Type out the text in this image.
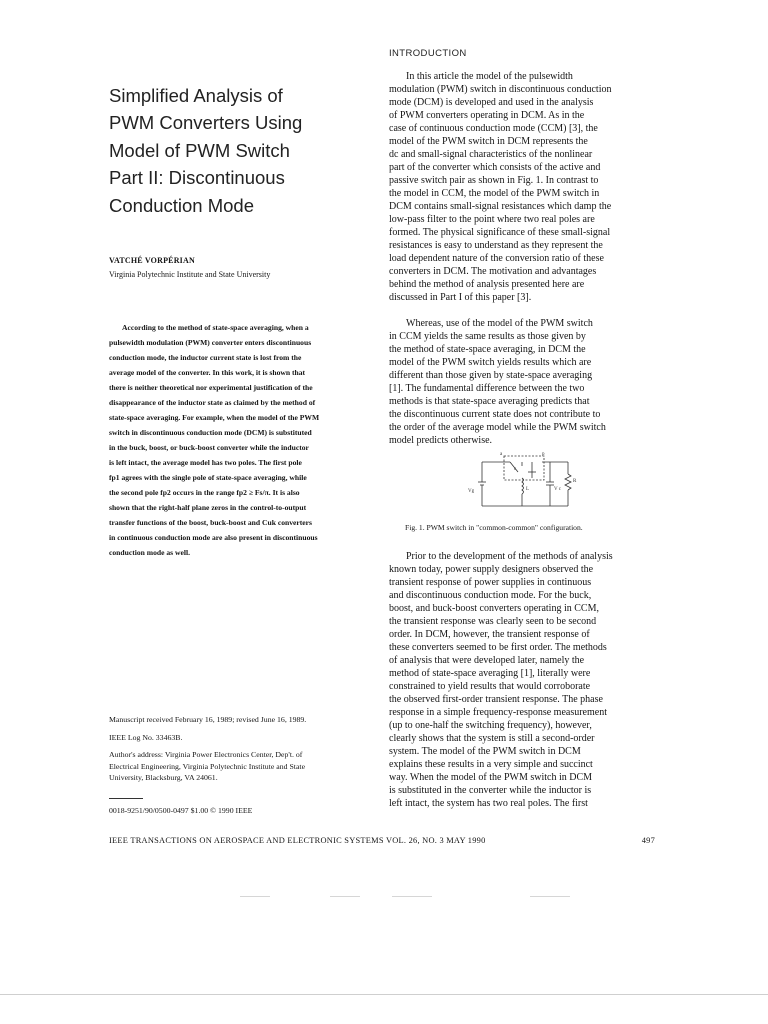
Simplified Analysis of
PWM Converters Using
Model of PWM Switch
Part II: Discontinuous
Conduction Mode
VATCHÉ VORPÉRIAN
Virginia Polytechnic Institute and State University
According to the method of state-space averaging, when a
pulsewidth modulation (PWM) converter enters discontinuous
conduction mode, the inductor current state is lost from the
average model of the converter. In this work, it is shown that
there is neither theoretical nor experimental justification of the
disappearance of the inductor state as claimed by the method of
state-space averaging. For example, when the model of the PWM
switch in discontinuous conduction mode (DCM) is substituted
in the buck, boost, or buck-boost converter while the inductor
is left intact, the average model has two poles. The first pole
fp1 agrees with the single pole of state-space averaging, while
the second pole fp2 occurs in the range fp2 ≥ Fs/π. It is also
shown that the right-half plane zeros in the control-to-output
transfer functions of the boost, buck-boost and Cuk converters
in continuous conduction mode are also present in discontinuous
conduction mode as well.
Manuscript received February 16, 1989; revised June 16, 1989.
IEEE Log No. 33463B.
Author's address: Virginia Power Electronics Center, Dep't. of
Electrical Engineering, Virginia Polytechnic Institute and State
University, Blacksburg, VA 24061.
0018-9251/90/0500-0497 $1.00 © 1990 IEEE
INTRODUCTION
In this article the model of the pulsewidth
modulation (PWM) switch in discontinuous conduction
mode (DCM) is developed and used in the analysis
of PWM converters operating in DCM. As in the
case of continuous conduction mode (CCM) [3], the
model of the PWM switch in DCM represents the
dc and small-signal characteristics of the nonlinear
part of the converter which consists of the active and
passive switch pair as shown in Fig. 1. In contrast to
the model in CCM, the model of the PWM switch in
DCM contains small-signal resistances which damp the
low-pass filter to the point where two real poles are
formed. The physical significance of these small-signal
resistances is easy to understand as they represent the
load dependent nature of the conversion ratio of these
converters in DCM. The motivation and advantages
behind the method of analysis presented here are
discussed in Part I of this paper [3].
Whereas, use of the model of the PWM switch
in CCM yields the same results as those given by
the method of state-space averaging, in DCM the
model of the PWM switch yields results which are
different than those given by state-space averaging
[1]. The fundamental difference between the two
methods is that state-space averaging predicts that
the discontinuous current state does not contribute to
the order of the average model while the PWM switch
model predicts otherwise.
a	p
c
Vg	L	V c
R
Fig. 1. PWM switch in "common-common" configuration.
Prior to the development of the methods of analysis
known today, power supply designers observed the
transient response of power supplies in continuous
and discontinuous conduction mode. For the buck,
boost, and buck-boost converters operating in CCM,
the transient response was clearly seen to be second
order. In DCM, however, the transient response of
these converters seemed to be first order. The methods
of analysis that were developed later, namely the
method of state-space averaging [1], literally were
constrained to yield results that would corroborate
the observed first-order transient response. The phase
response in a simple frequency-response measurement
(up to one-half the switching frequency), however,
clearly shows that the system is still a second-order
system. The model of the PWM switch in DCM
explains these results in a very simple and succinct
way. When the model of the PWM switch in DCM
is substituted in the converter while the inductor is
left intact, the system has two real poles. The first
IEEE TRANSACTIONS ON AEROSPACE AND ELECTRONIC SYSTEMS VOL. 26, NO. 3 MAY 1990	497
